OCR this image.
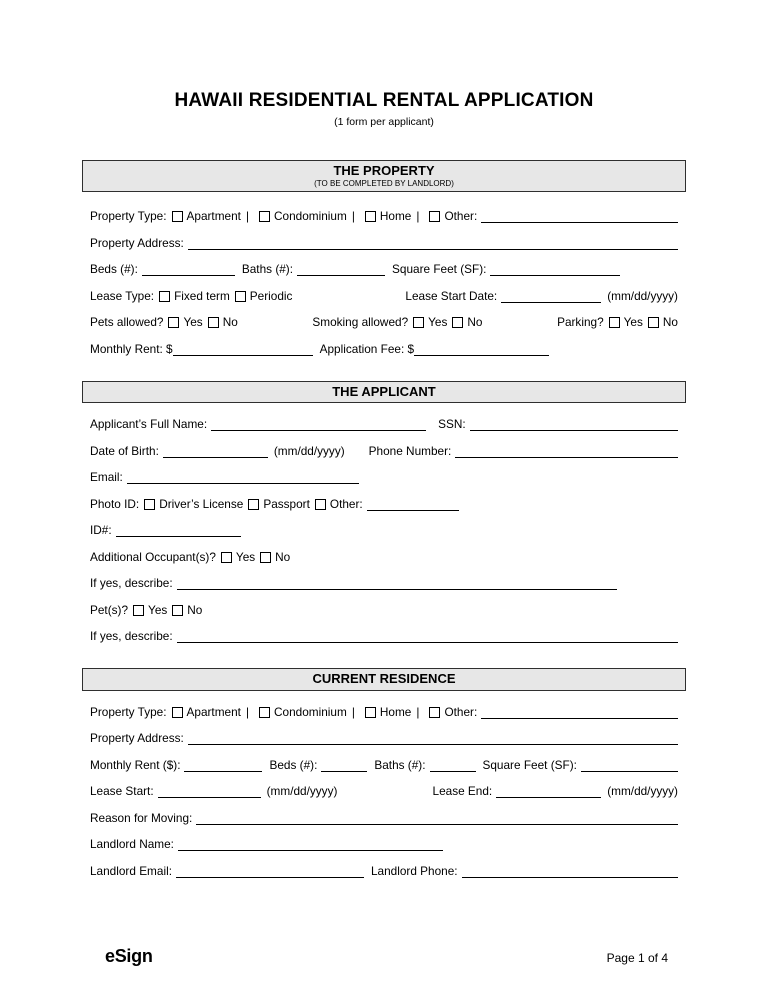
HAWAII RESIDENTIAL RENTAL APPLICATION
(1 form per applicant)
THE PROPERTY
(TO BE COMPLETED BY LANDLORD)
Property Type: Apartment | Condominium | Home | Other:
Property Address:
Beds (#):	Baths (#):	Square Feet (SF):
Lease Type: Fixed term Periodic	Lease Start Date:	(mm/dd/yyyy)
Pets allowed? Yes No	Smoking allowed? Yes No	Parking? Yes No
Monthly Rent: $	Application Fee: $
THE APPLICANT
Applicant’s Full Name:	SSN:
Date of Birth:	(mm/dd/yyyy) Phone Number:
Email:
Photo ID: Driver’s License Passport Other:
ID#:
Additional Occupant(s)? Yes No
If yes, describe:
Pet(s)? Yes No
If yes, describe:
CURRENT RESIDENCE
Property Type: Apartment | Condominium | Home | Other:
Property Address:
Monthly Rent ($):	Beds (#):	Baths (#):	Square Feet (SF):
Lease Start:	(mm/dd/yyyy)	Lease End:	(mm/dd/yyyy)
Reason for Moving:
Landlord Name:
Landlord Email:	Landlord Phone:
eSign	Page 1 of 4
